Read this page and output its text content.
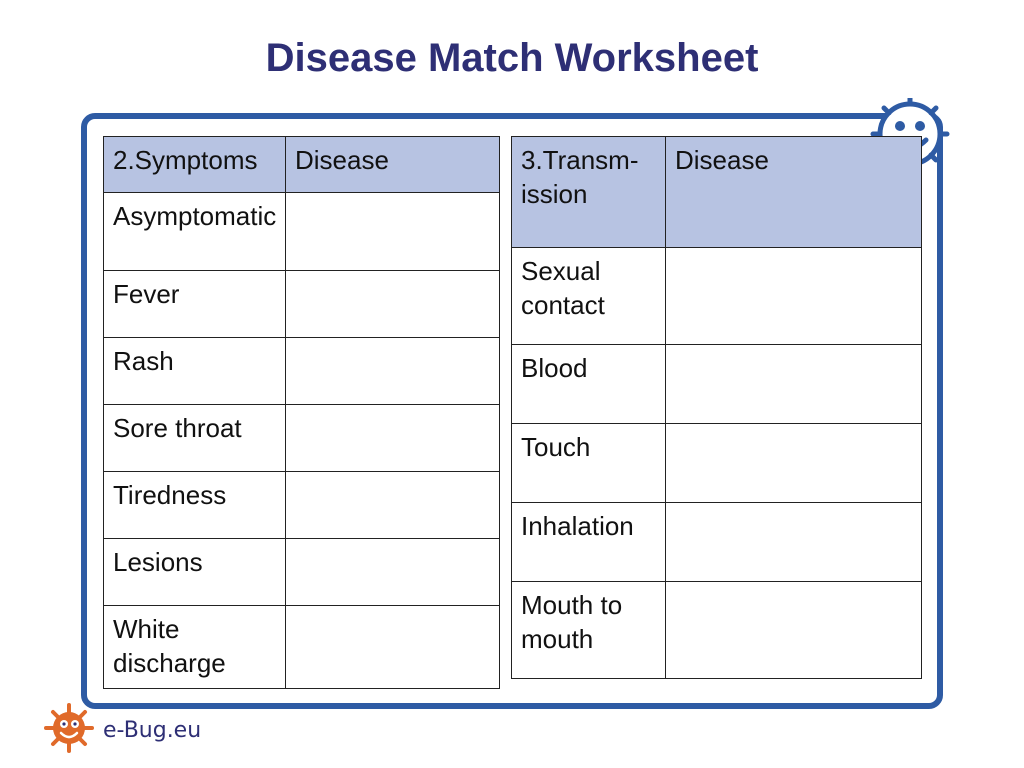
Disease Match Worksheet
2.Symptoms	Disease
Asymptomatic	
Fever	
Rash	
Sore throat	
Tiredness	
Lesions	
White discharge	
3.Transm-ission	Disease
Sexual contact	
Blood	
Touch	
Inhalation	
Mouth to mouth	
e-Bug.eu
